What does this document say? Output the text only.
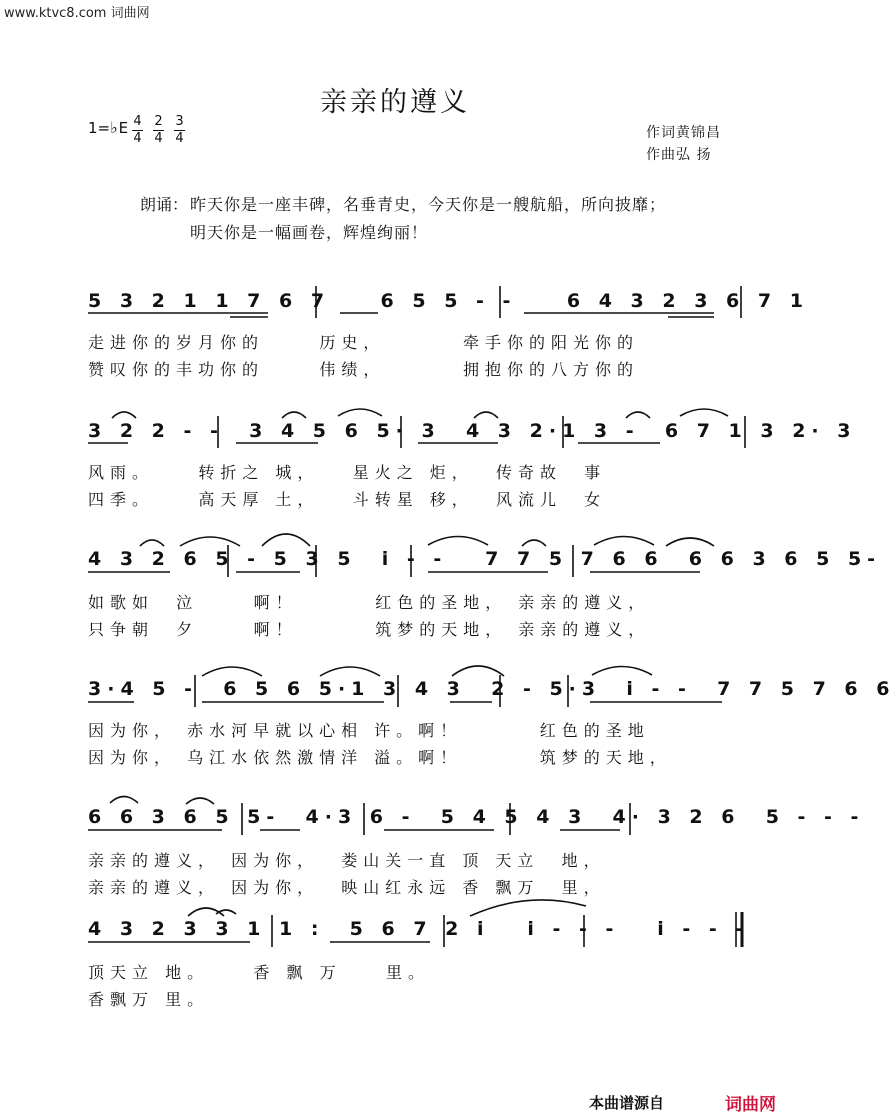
www.ktvc8.com 词曲网
亲亲的遵义
1=♭E 4
4
2
4
3
4	作词黄锦昌
作曲弘 扬
朗诵： 昨天你是一座丰碑，名垂青史，今天你是一艘航船，所向披靡；
明天你是一幅画卷，辉煌绚丽！
5 3 2 1 1 7 6 7    6 5 5 - -    6 4 3 2 3 6 7 1
走进你的岁月你的     历史，       牵手你的阳光你的
赞叹你的丰功你的     伟绩，       拥抱你的八方你的
3 2 2 - -  3 4 5 6 5· 3  4 3 2·1 3 -  6 7 1 3 2· 3
风雨。    转折之 城，   星火之 炬，  传奇故  事
四季。    高天厚 土，   斗转星 移，  风流儿  女
4 3 2 6 5 - 5 3 5  i - -   7 7 5 7 6 6  6 6 3 6 5 5-
如歌如  泣     啊！       红色的圣地， 亲亲的遵义，
只争朝  夕     啊！       筑梦的天地， 亲亲的遵义，
3·4 5 -  6 5 6 5·1 3 4 3  2 - 5·3  i - -  7 7 5 7 6 6
因为你， 赤水河早就以心相 许。啊！       红色的圣地
因为你， 乌江水依然激情洋 溢。啊！       筑梦的天地，
6 6 3 6 5 5-  4·3 6 -  5 4 5 4 3  4· 3 2 6  5 - - -
亲亲的遵义， 因为你，  娄山关一直 顶 天立  地，
亲亲的遵义， 因为你，  映山红永远 香 飘万  里，
4 3 2 3 3 1 1 :  5 6 7 2 i   i - - -   i - - -
顶天立 地。    香 飘 万    里。
香飘万 里。
本曲谱源自	词曲网
